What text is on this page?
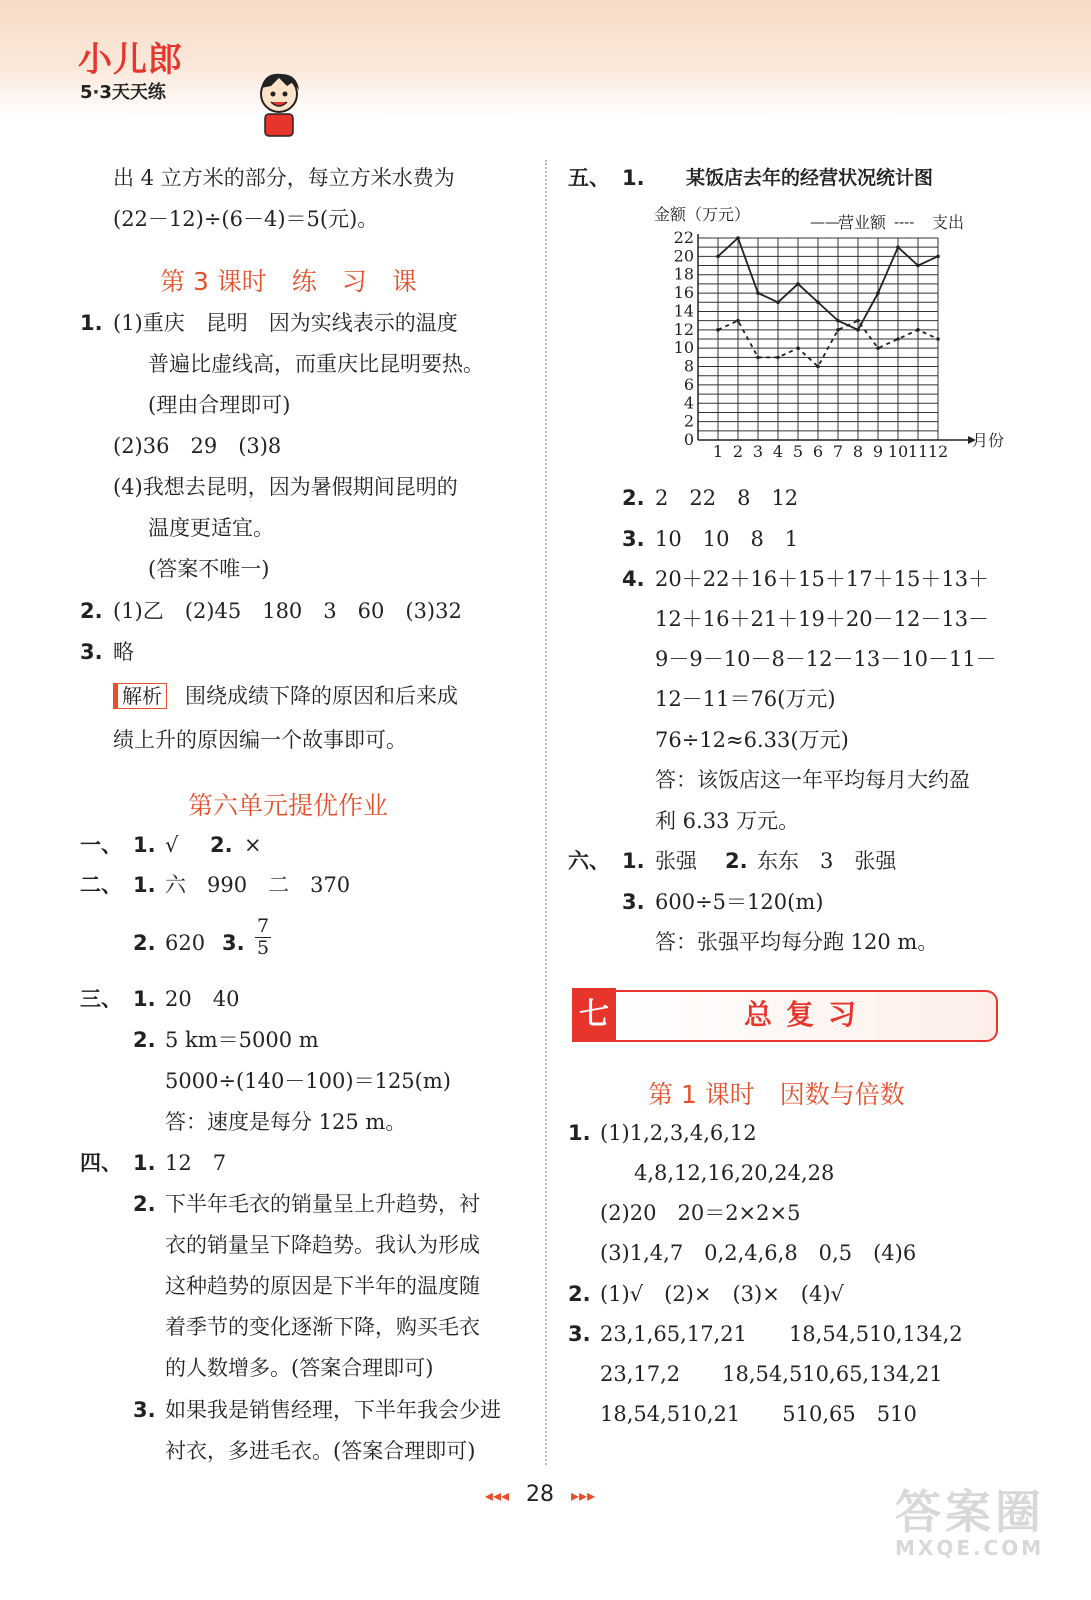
小儿郎
5·3天天练
出 4 立方米的部分，每立方米水费为
(22－12)÷(6－4)＝5(元)。
第 3 课时　练　习　课
1. (1)重庆　昆明　因为实线表示的温度
普遍比虚线高，而重庆比昆明要热。
(理由合理即可)
(2)36　29　(3)8
(4)我想去昆明，因为暑假期间昆明的
温度更适宜。
(答案不唯一)
2. (1)乙　(2)45　180　3　60　(3)32
3. 略
解析 围绕成绩下降的原因和后来成
绩上升的原因编一个故事即可。
第六单元提优作业
一、 1. √ 2. ×
二、 1. 六　990　二　370
2. 620 3. $\frac{7}{5}$
三、 1. 20　40
2. 5 km＝5000 m
5000÷(140－100)＝125(m)
答：速度是每分 125 m。
四、 1. 12　7
2. 下半年毛衣的销量呈上升趋势，衬
衣的销量呈下降趋势。我认为形成
这种趋势的原因是下半年的温度随
着季节的变化逐渐下降，购买毛衣
的人数增多。(答案合理即可)
3. 如果我是销售经理，下半年我会少进
衬衣，多进毛衣。(答案合理即可)
五、 1. 某饭店去年的经营状况统计图
金额（万元）	——
营业额 ---- 支出
0
2
4
6
8
10
12
14
16
18
20
22
1 2 3 4 5 6 7 8 9 10 11 12
月份
2. 2　22　8　12
3. 10　10　8　1
4. 20＋22＋16＋15＋17＋15＋13＋
12＋16＋21＋19＋20－12－13－
9－9－10－8－12－13－10－11－
12－11＝76(万元)
76÷12≈6.33(万元)
答：该饭店这一年平均每月大约盈
利 6.33 万元。
六、 1. 张强 2. 东东　3　张强
3. 600÷5＝120(m)
答：张强平均每分跑 120 m。
七	总复习
第 1 课时　因数与倍数
1. (1)1,2,3,4,6,12
4,8,12,16,20,24,28
(2)20　20＝2×2×5
(3)1,4,7　0,2,4,6,8　0,5　(4)6
2. (1)√　(2)×　(3)×　(4)√
3. 23,1,65,17,21　　18,54,510,134,2
23,17,2　　18,54,510,65,134,21
18,54,510,21　　510,65　510
◂◂◂ 28 ▸▸▸	答案圈
MXQE.COM
